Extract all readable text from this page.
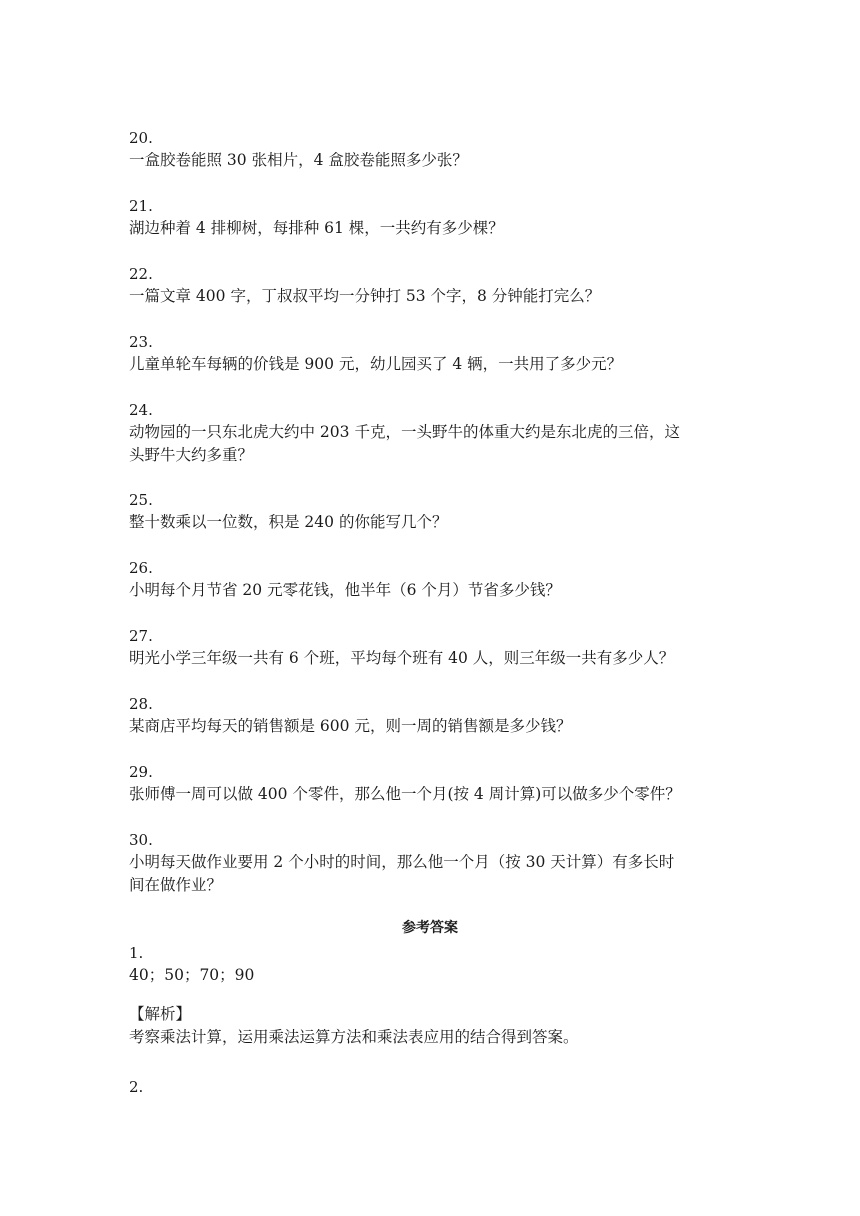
20.
一盒胶卷能照 30 张相片，4 盒胶卷能照多少张？
21.
湖边种着 4 排柳树，每排种 61 棵，一共约有多少棵？
22.
一篇文章 400 字，丁叔叔平均一分钟打 53 个字，8 分钟能打完么？
23.
儿童单轮车每辆的价钱是 900 元，幼儿园买了 4 辆，一共用了多少元？
24.
动物园的一只东北虎大约中 203 千克，一头野牛的体重大约是东北虎的三倍，这
头野牛大约多重？
25.
整十数乘以一位数，积是 240 的你能写几个？
26.
小明每个月节省 20 元零花钱，他半年（6 个月）节省多少钱？
27.
明光小学三年级一共有 6 个班，平均每个班有 40 人，则三年级一共有多少人？
28.
某商店平均每天的销售额是 600 元，则一周的销售额是多少钱？
29.
张师傅一周可以做 400 个零件，那么他一个月(按 4 周计算)可以做多少个零件？
30.
小明每天做作业要用 2 个小时的时间，那么他一个月（按 30 天计算）有多长时
间在做作业？
参考答案
1.
40；50；70；90
【解析】
考察乘法计算，运用乘法运算方法和乘法表应用的结合得到答案。
2.
